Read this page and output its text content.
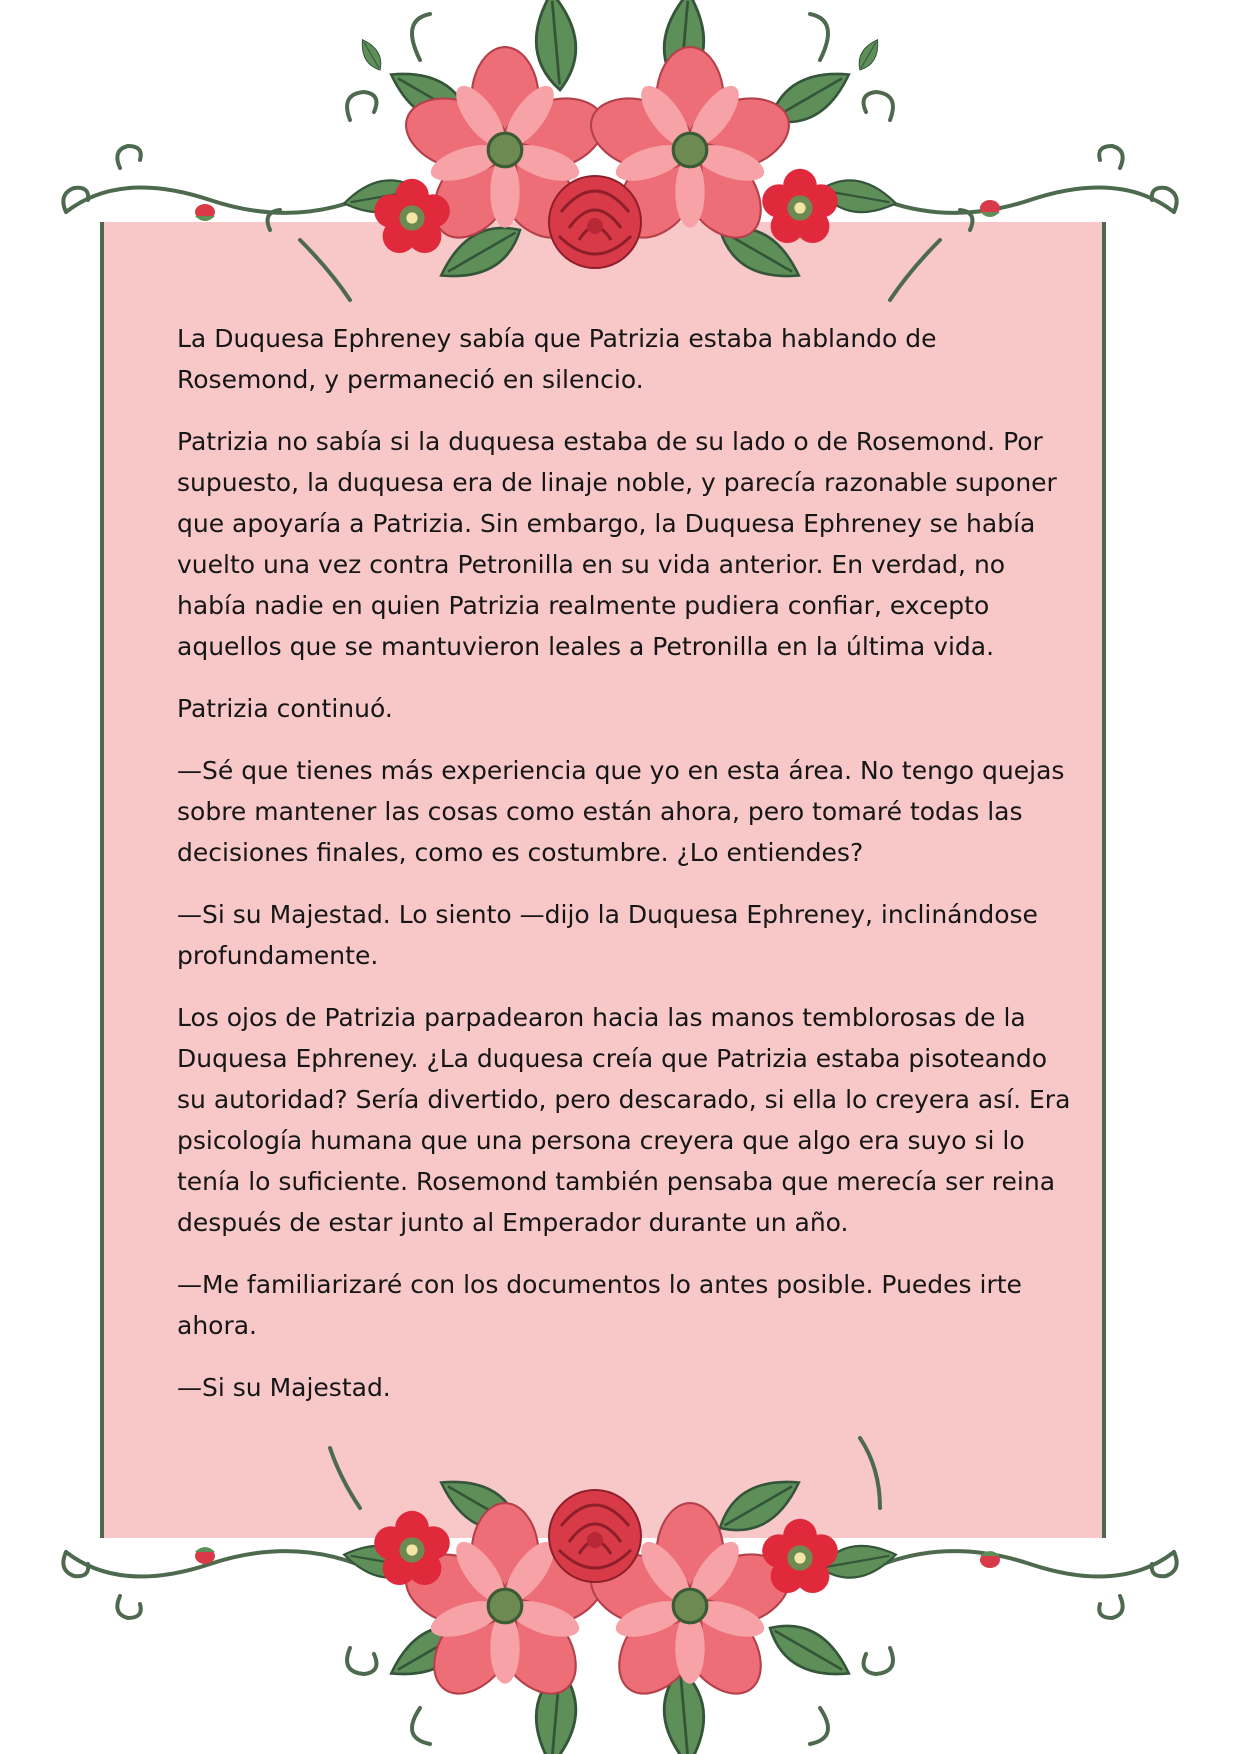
La Duquesa Ephreney sabía que Patrizia estaba hablando de Rosemond, y permaneció en silencio.

Patrizia no sabía si la duquesa estaba de su lado o de Rosemond. Por supuesto, la duquesa era de linaje noble, y parecía razonable suponer que apoyaría a Patrizia. Sin embargo, la Duquesa Ephreney se había vuelto una vez contra Petronilla en su vida anterior. En verdad, no había nadie en quien Patrizia realmente pudiera confiar, excepto aquellos que se mantuvieron leales a Petronilla en la última vida.

Patrizia continuó.

—Sé que tienes más experiencia que yo en esta área. No tengo quejas sobre mantener las cosas como están ahora, pero tomaré todas las decisiones finales, como es costumbre. ¿Lo entiendes?

—Si su Majestad. Lo siento —dijo la Duquesa Ephreney, inclinándose profundamente.

Los ojos de Patrizia parpadearon hacia las manos temblorosas de la Duquesa Ephreney. ¿La duquesa creía que Patrizia estaba pisoteando su autoridad? Sería divertido, pero descarado, si ella lo creyera así. Era psicología humana que una persona creyera que algo era suyo si lo tenía lo suficiente. Rosemond también pensaba que merecía ser reina después de estar junto al Emperador durante un año.

—Me familiarizaré con los documentos lo antes posible. Puedes irte ahora.

—Si su Majestad.
